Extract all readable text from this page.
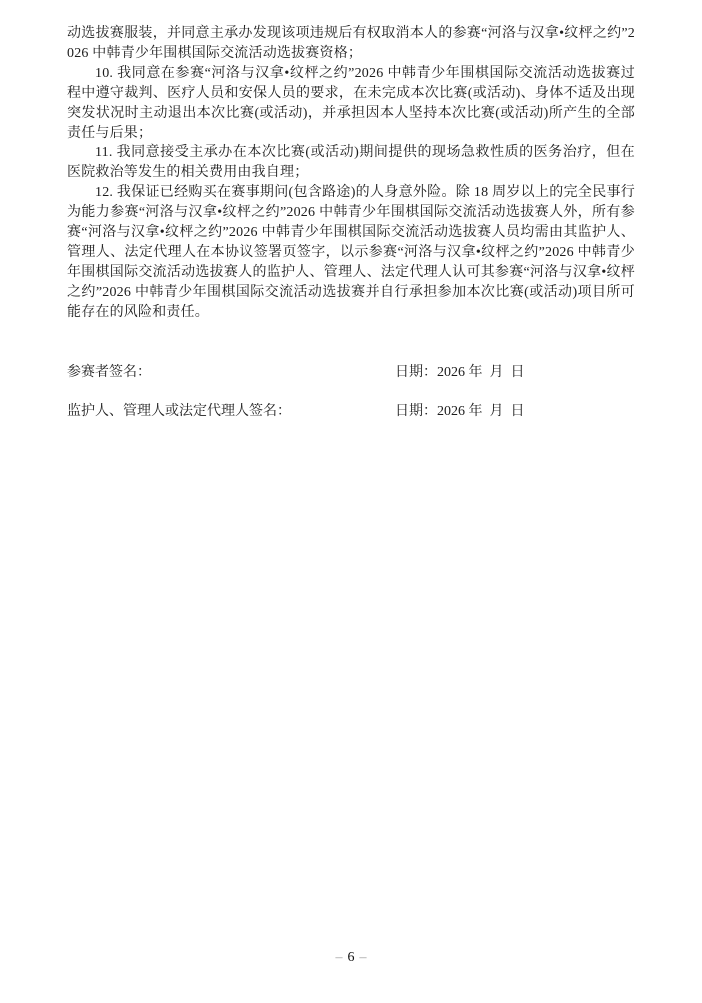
动选拔赛服装，并同意主承办发现该项违规后有权取消本人的参赛“河洛与汉拿•纹枰之约”2026 中韩青少年围棋国际交流活动选拔赛资格；

10. 我同意在参赛“河洛与汉拿•纹枰之约”2026 中韩青少年围棋国际交流活动选拔赛过程中遵守裁判、医疗人员和安保人员的要求，在未完成本次比赛(或活动)、身体不适及出现突发状况时主动退出本次比赛(或活动)，并承担因本人坚持本次比赛(或活动)所产生的全部责任与后果；

11. 我同意接受主承办在本次比赛(或活动)期间提供的现场急救性质的医务治疗，但在医院救治等发生的相关费用由我自理；

12. 我保证已经购买在赛事期问(包含路途)的人身意外险。除 18 周岁以上的完全民事行为能力参赛“河洛与汉拿•纹枰之约”2026 中韩青少年围棋国际交流活动选拔赛人外，所有参赛“河洛与汉拿•纹枰之约”2026 中韩青少年围棋国际交流活动选拔赛人员均需由其监护人、管理人、法定代理人在本协议签署页签字，以示参赛“河洛与汉拿•纹枰之约”2026 中韩青少年围棋国际交流活动选拔赛人的监护人、管理人、法定代理人认可其参赛“河洛与汉拿•纹枰之约”2026 中韩青少年围棋国际交流活动选拔赛并自行承担参加本次比赛(或活动)项目所可能存在的风险和责任。

参赛者签名：	日期：2026 年  月  日
监护人、管理人或法定代理人签名：	日期：2026 年  月  日
– 6 –
